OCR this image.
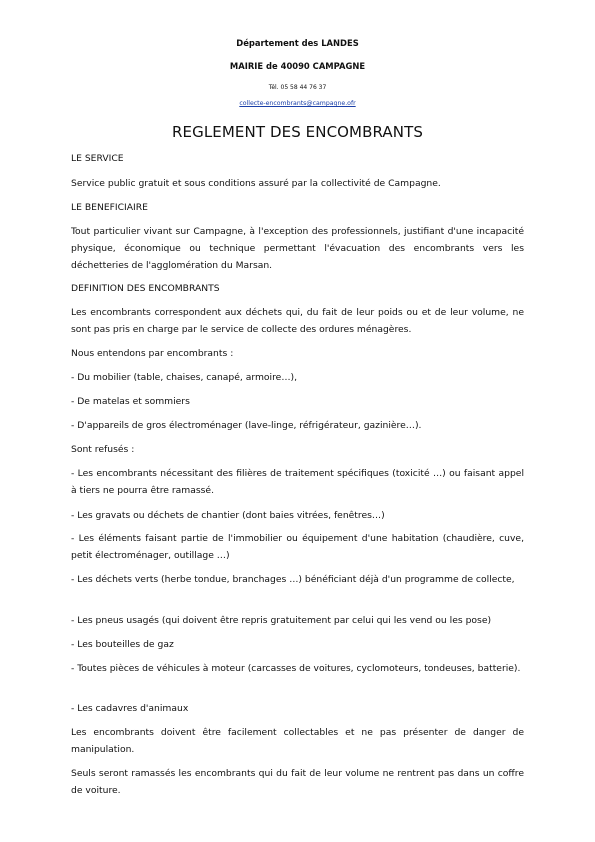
Département des LANDES
MAIRIE de 40090 CAMPAGNE
Tél. 05 58 44 76 37
collecte-encombrants@campagne.ofr
REGLEMENT DES ENCOMBRANTS

LE SERVICE

Service public gratuit et sous conditions assuré par la collectivité de Campagne.

LE BENEFICIAIRE

Tout particulier vivant sur Campagne, à l'exception des professionnels, justifiant d'une incapacité physique, économique ou technique permettant l'évacuation des encombrants vers les déchetteries de l'agglomération du Marsan.

DEFINITION DES ENCOMBRANTS

Les encombrants correspondent aux déchets qui, du fait de leur poids ou et de leur volume, ne sont pas pris en charge par le service de collecte des ordures ménagères.

Nous entendons par encombrants :

- Du mobilier (table, chaises, canapé, armoire…),

- De matelas et sommiers

- D'appareils de gros électroménager (lave-linge, réfrigérateur, gazinière…).

Sont refusés :

- Les encombrants nécessitant des filières de traitement spécifiques (toxicité …) ou faisant appel à tiers ne pourra être ramassé.

- Les gravats ou déchets de chantier (dont baies vitrées, fenêtres…)

- Les éléments faisant partie de l'immobilier ou équipement d'une habitation (chaudière, cuve, petit électroménager, outillage …)

- Les déchets verts (herbe tondue, branchages …) bénéficiant déjà d'un programme de collecte,

- Les pneus usagés (qui doivent être repris gratuitement par celui qui les vend ou les pose)

- Les bouteilles de gaz

- Toutes pièces de véhicules à moteur (carcasses de voitures, cyclomoteurs, tondeuses, batterie).

- Les cadavres d'animaux

Les encombrants doivent être facilement collectables et ne pas présenter de danger de manipulation.

Seuls seront ramassés les encombrants qui du fait de leur volume ne rentrent pas dans un coffre de voiture.
